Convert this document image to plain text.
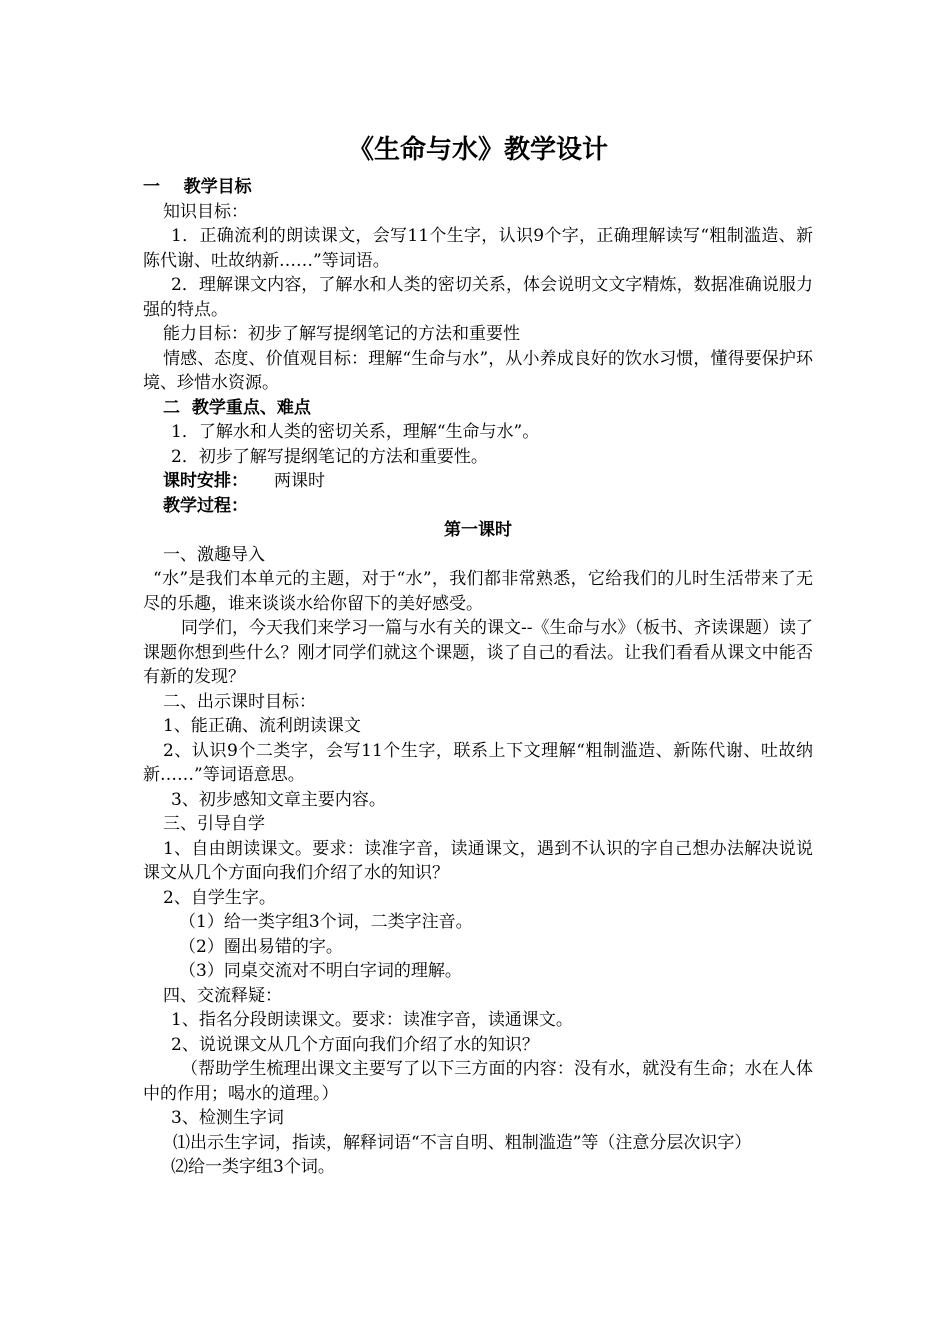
《生命与水》教学设计

一    教学目标

知识目标：

1．正确流利的朗读课文，会写11个生字，认识9个字，正确理解读写“粗制滥造、新陈代谢、吐故纳新……”等词语。

2．理解课文内容，了解水和人类的密切关系，体会说明文文字精炼，数据准确说服力强的特点。

能力目标：初步了解写提纲笔记的方法和重要性

情感、态度、价值观目标：理解“生命与水”，从小养成良好的饮水习惯，懂得要保护环境、珍惜水资源。

二  教学重点、难点

1．了解水和人类的密切关系，理解“生命与水”。

2．初步了解写提纲笔记的方法和重要性。

课时安排： 两课时

教学过程：

第一课时

一、激趣导入

“水”是我们本单元的主题，对于“水”，我们都非常熟悉，它给我们的儿时生活带来了无尽的乐趣，谁来谈谈水给你留下的美好感受。

同学们，今天我们来学习一篇与水有关的课文--《生命与水》（板书、齐读课题）读了课题你想到些什么？刚才同学们就这个课题，谈了自己的看法。让我们看看从课文中能否有新的发现？

二、出示课时目标：

1、能正确、流利朗读课文

2、认识9个二类字，会写11个生字，联系上下文理解“粗制滥造、新陈代谢、吐故纳新……”等词语意思。

3、初步感知文章主要内容。

三、引导自学

1、自由朗读课文。要求：读准字音，读通课文，遇到不认识的字自己想办法解决说说课文从几个方面向我们介绍了水的知识？

2、自学生字。

（1）给一类字组3个词，二类字注音。

（2）圈出易错的字。

（3）同桌交流对不明白字词的理解。

四、交流释疑：

1、指名分段朗读课文。要求：读准字音，读通课文。

2、说说课文从几个方面向我们介绍了水的知识？

（帮助学生梳理出课文主要写了以下三方面的内容：没有水，就没有生命；水在人体中的作用；喝水的道理。）

3、检测生字词

⑴出示生字词，指读，解释词语“不言自明、粗制滥造”等（注意分层次识字）

⑵给一类字组3个词。
